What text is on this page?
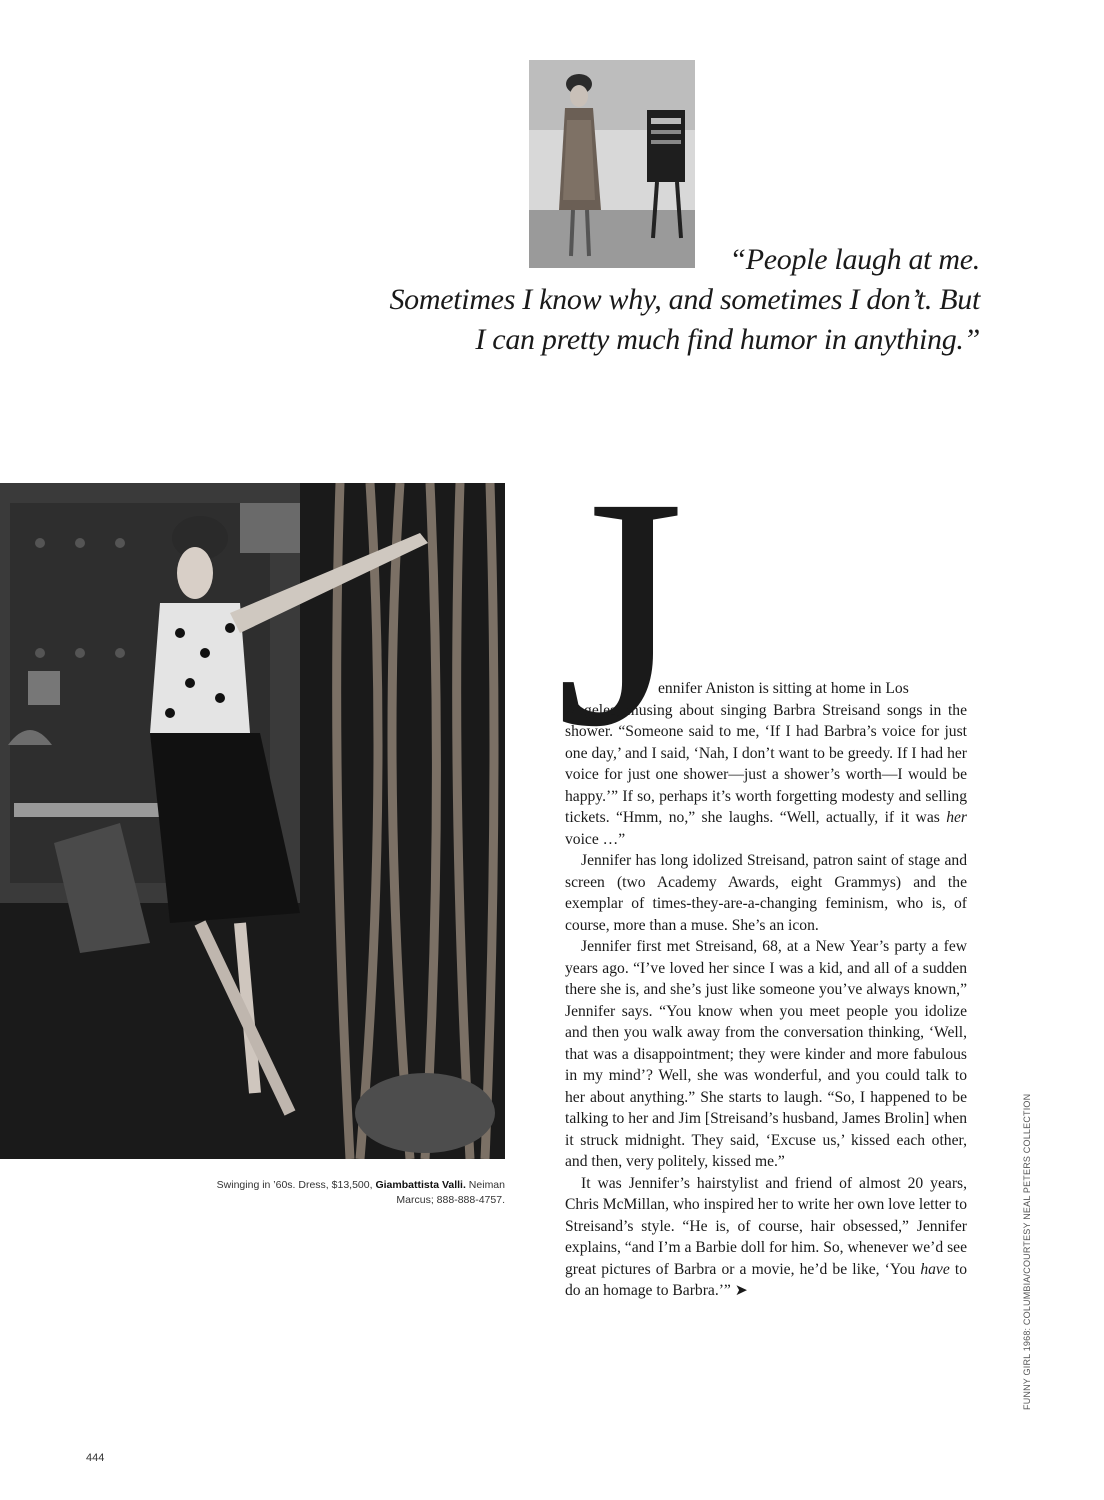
“People laugh at me.
Sometimes I know why, and sometimes I don’t. But
I can pretty much find humor in anything.”
Swinging in ’60s. Dress, $13,500, Giambattista Valli. Neiman Marcus; 888-888-4757.
J

ennifer Aniston is sitting at home in Los
Angeles, musing about singing Barbra Streisand songs in the shower. “Someone said to me, ‘If I had Barbra’s voice for just one day,’ and I said, ‘Nah, I don’t want to be greedy. If I had her voice for just one shower—just a shower’s worth—I would be happy.’” If so, perhaps it’s worth forgetting modesty and selling tickets. “Hmm, no,” she laughs. “Well, actually, if it was her voice …”

Jennifer has long idolized Streisand, patron saint of stage and screen (two Academy Awards, eight Grammys) and the exemplar of times-they-are-a-changing feminism, who is, of course, more than a muse. She’s an icon.

Jennifer first met Streisand, 68, at a New Year’s party a few years ago. “I’ve loved her since I was a kid, and all of a sudden there she is, and she’s just like someone you’ve always known,” Jennifer says. “You know when you meet people you idolize and then you walk away from the conversation thinking, ‘Well, that was a disappointment; they were kinder and more fabulous in my mind’? Well, she was wonderful, and you could talk to her about anything.” She starts to laugh. “So, I happened to be talking to her and Jim [Streisand’s husband, James Brolin] when it struck midnight. They said, ‘Excuse us,’ kissed each other, and then, very politely, kissed me.”

It was Jennifer’s hairstylist and friend of almost 20 years, Chris McMillan, who inspired her to write her own love letter to Streisand’s style. “He is, of course, hair obsessed,” Jennifer explains, “and I’m a Barbie doll for him. So, whenever we’d see great pictures of Barbra or a movie, he’d be like, ‘You have to do an homage to Barbra.’” ➤	FUNNY GIRL 1968: COLUMBIA/COURTESY NEAL PETERS COLLECTION
444
